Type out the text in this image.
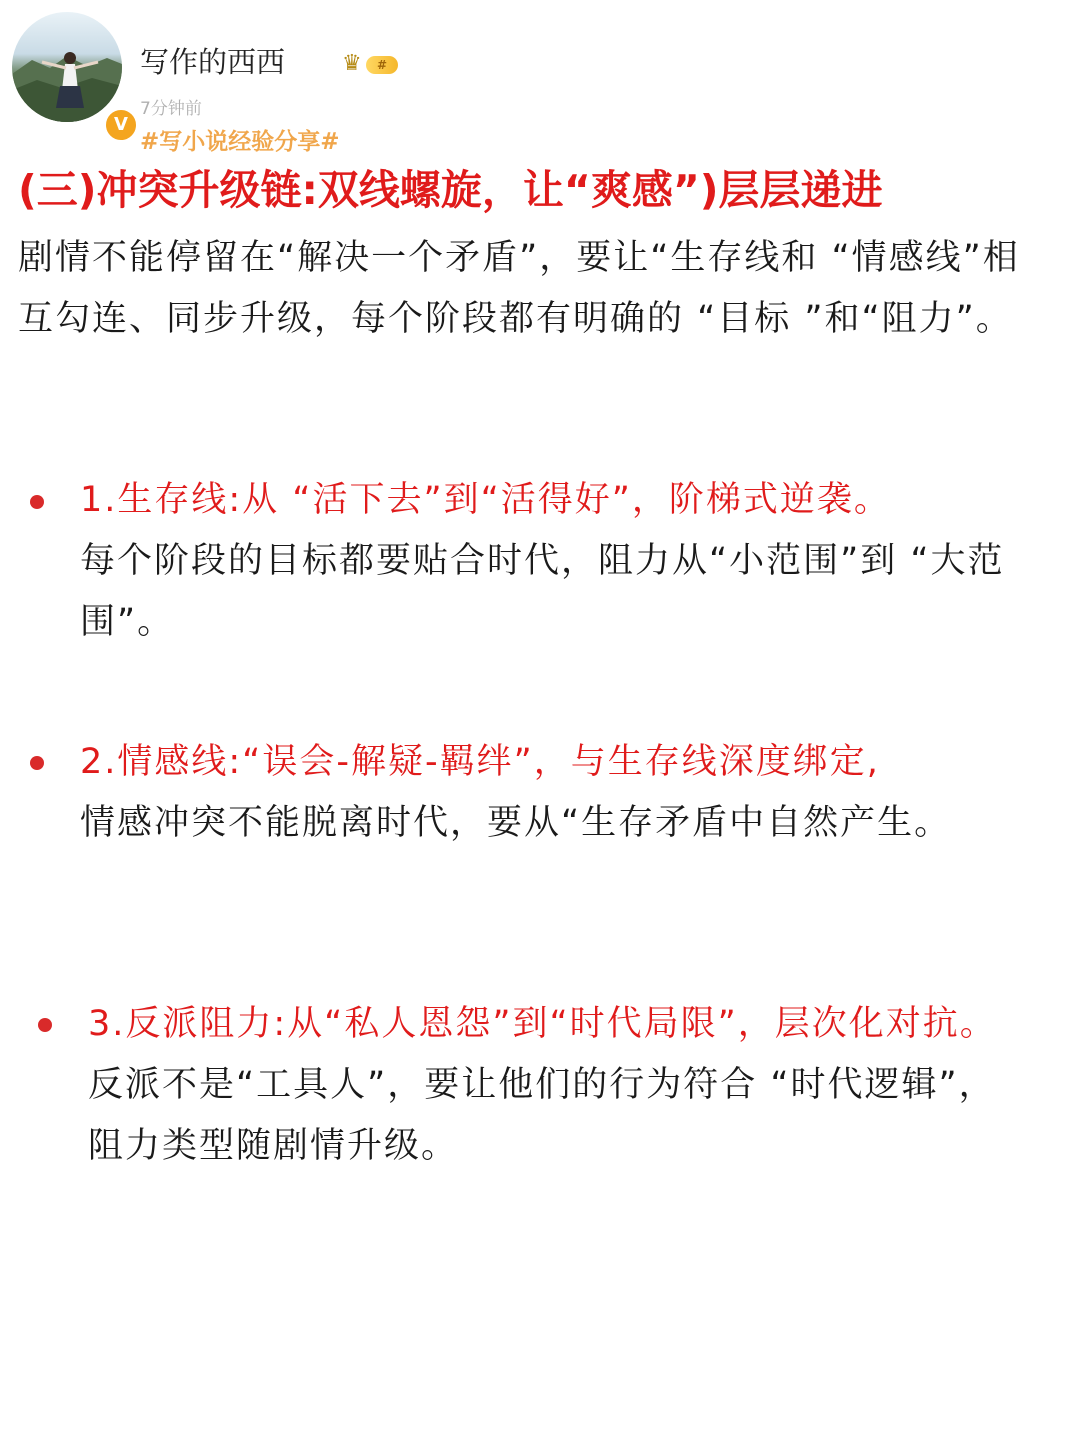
V
写作的西西	♛	#
7分钟前
#写小说经验分享#
(三)冲突升级链:双线螺旋，让“爽感”)层层递进
剧情不能停留在“解决一个矛盾”，要让“生存线和 “情感线”相互勾连、同步升级，每个阶段都有明确的 “目标 ”和“阻力”。
1.生存线:从 “活下去”到“活得好”，阶梯式逆袭。
每个阶段的目标都要贴合时代，阻力从“小范围”到 “大范围”。
2.情感线:“误会-解疑-羁绊”，与生存线深度绑定,
情感冲突不能脱离时代，要从“生存矛盾中自然产生。
3.反派阻力:从“私人恩怨”到“时代局限”，层次化对抗。
反派不是“工具人”，要让他们的行为符合 “时代逻辑”，阻力类型随剧情升级。
